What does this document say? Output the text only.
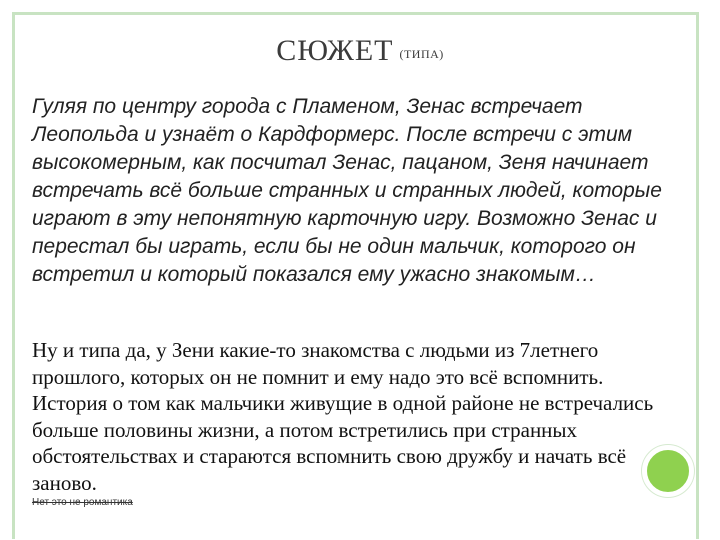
СЮЖЕТ (ТИПА)

Гуляя по центру города с Пламеном, Зенас встречает Леопольда и узнаёт о Кардформерс. После встречи с этим высокомерным, как посчитал Зенас, пацаном, Зеня начинает встречать всё больше странных и странных людей, которые играют в эту непонятную карточную игру. Возможно Зенас и перестал бы играть, если бы не один мальчик, которого он встретил и который показался ему ужасно знакомым…

Ну и типа да, у Зени какие-то знакомства с людьми из 7летнего прошлого, которых он не помнит и ему надо это всё вспомнить. История о том как мальчики живущие в одной районе не встречались больше половины жизни, а потом встретились при странных обстоятельствах и стараются вспомнить свою дружбу и начать всё заново.

Нет это не романтика
